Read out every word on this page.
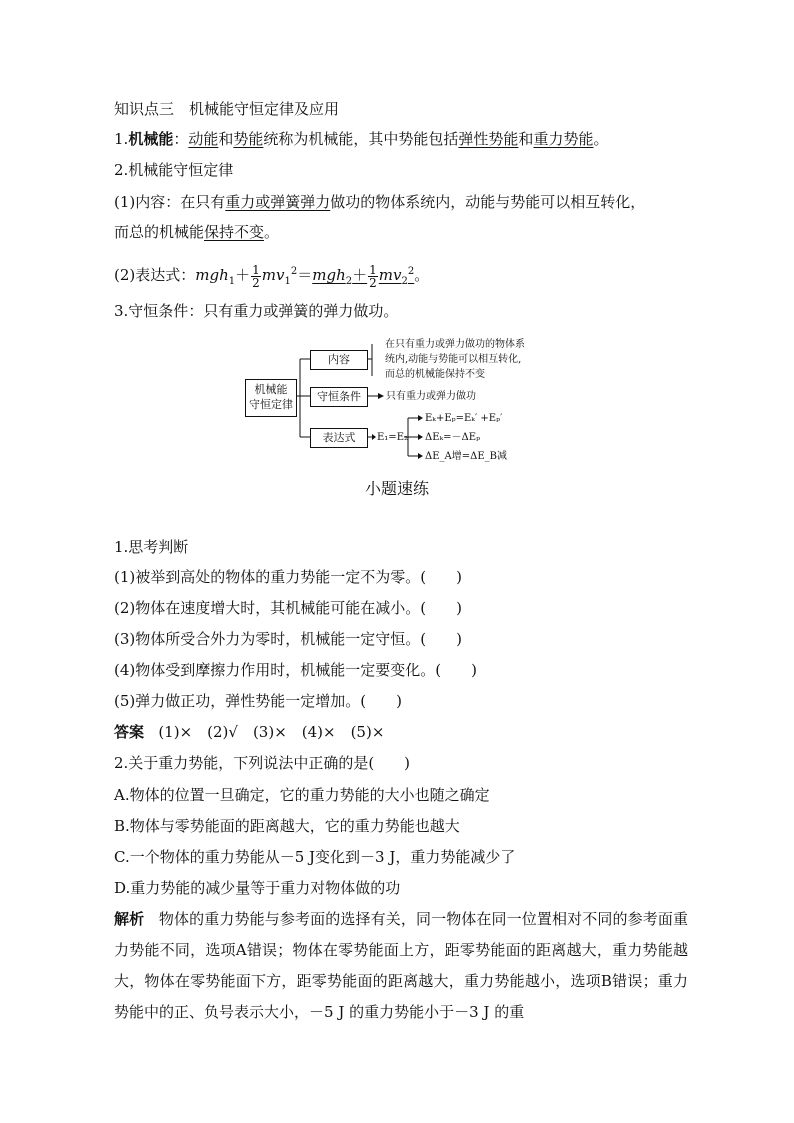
知识点三　机械能守恒定律及应用
1.机械能：动能和势能统称为机械能，其中势能包括弹性势能和重力势能。
2.机械能守恒定律
(1)内容：在只有重力或弹簧弹力做功的物体系统内，动能与势能可以相互转化，
而总的机械能保持不变。
(2)表达式：$mgh_1+ \frac{1}{2} mv_1^2=mgh_2+ \frac{1}{2} mv_2^2$。
3.守恒条件：只有重力或弹簧的弹力做功。
机械能
守恒定律
内容
守恒条件
表达式
在只有重力或弹力做功的物体系
统内,动能与势能可以相互转化,
而总的机械能保持不变
只有重力或弹力做功
E₁=E₂
Eₖ+Eₚ=Eₖ′ +Eₚ′
ΔEₖ=－ΔEₚ
ΔE_A增=ΔE_B减
小题速练
1.思考判断
(1)被举到高处的物体的重力势能一定不为零。(　　)
(2)物体在速度增大时，其机械能可能在减小。(　　)
(3)物体所受合外力为零时，机械能一定守恒。(　　)
(4)物体受到摩擦力作用时，机械能一定要变化。(　　)
(5)弹力做正功，弹性势能一定增加。(　　)
答案 (1)×　(2)√　(3)×　(4)×　(5)×
2.关于重力势能，下列说法中正确的是(　　)
A.物体的位置一旦确定，它的重力势能的大小也随之确定
B.物体与零势能面的距离越大，它的重力势能也越大
C.一个物体的重力势能从－5 J变化到－3 J，重力势能减少了
D.重力势能的减少量等于重力对物体做的功
解析 物体的重力势能与参考面的选择有关，同一物体在同一位置相对不同的参考面重力势能不同，选项A错误；物体在零势能面上方，距零势能面的距离越大，重力势能越大，物体在零势能面下方，距零势能面的距离越大，重力势能越小，选项B错误；重力势能中的正、负号表示大小，－5 J 的重力势能小于－3 J 的重
